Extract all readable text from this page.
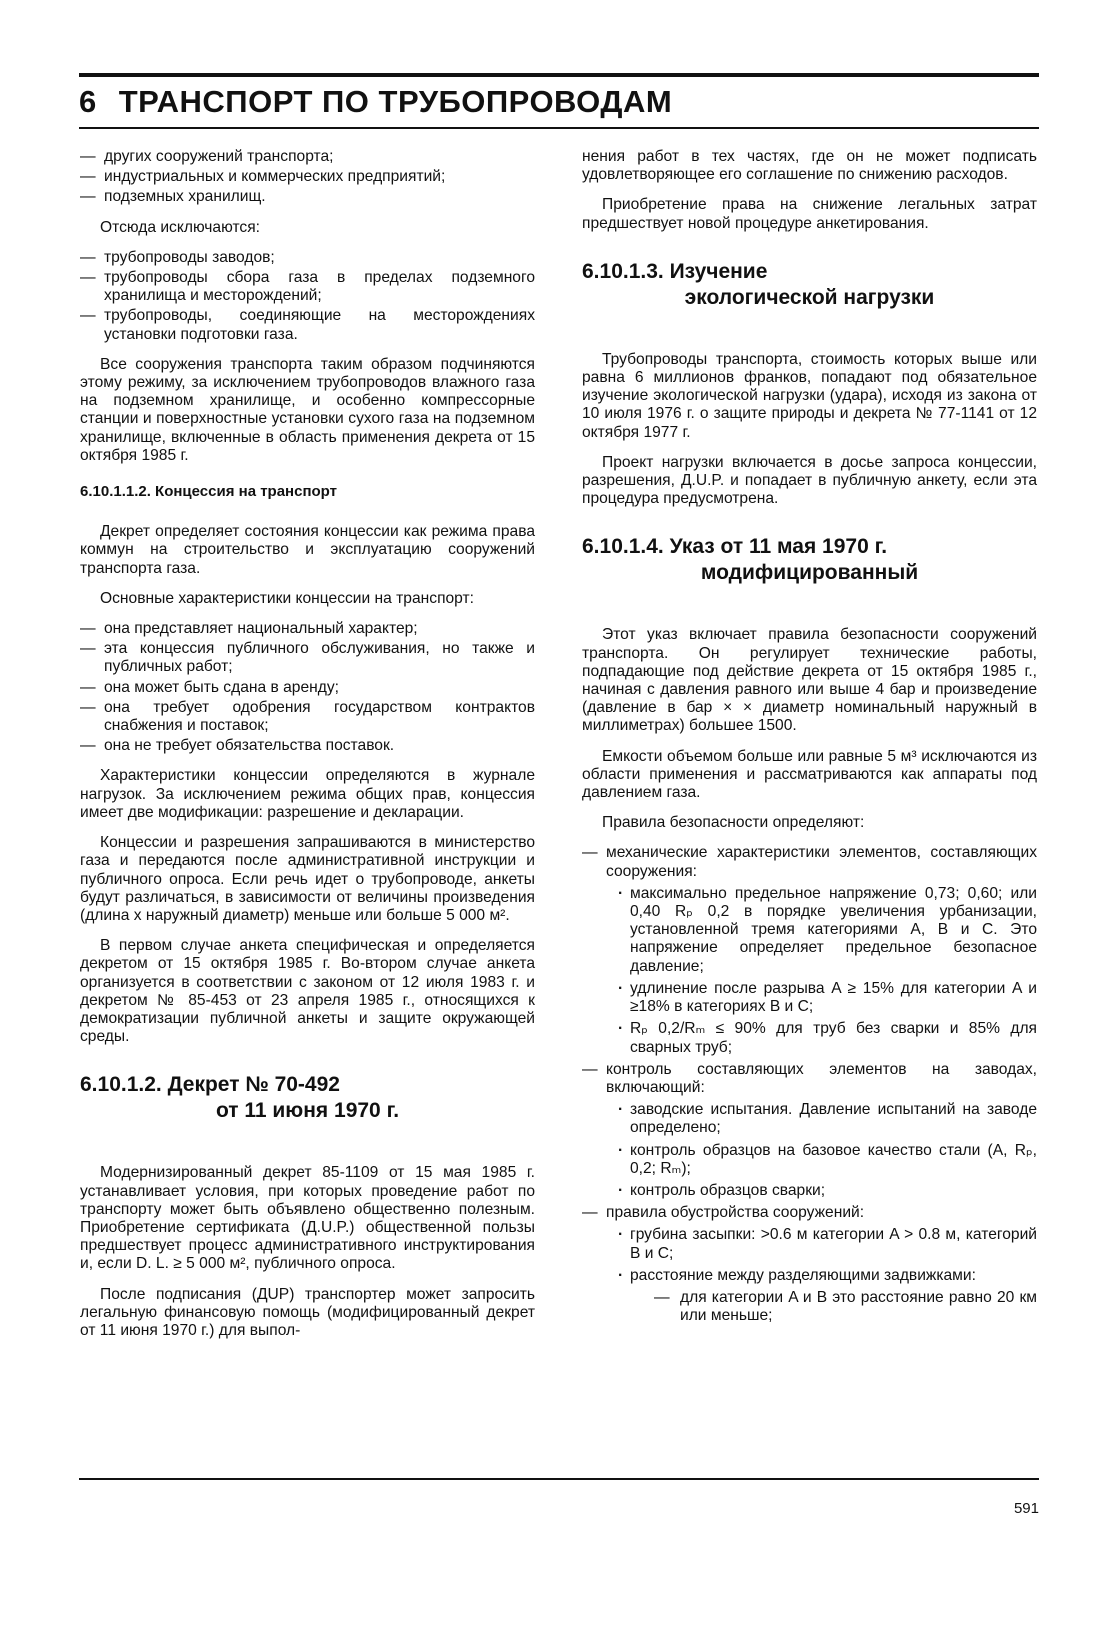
6 ТРАНСПОРТ ПО ТРУБОПРОВОДАМ
— других сооружений транспорта;
— индустриальных и коммерческих предприятий;
— подземных хранилищ.

Отсюда исключаются:

— трубопроводы заводов;
— трубопроводы сбора газа в пределах подземного хранилища и месторождений;
— трубопроводы, соединяющие на месторождениях установки подготовки газа.

Все сооружения транспорта таким образом подчиняются этому режиму, за исключением трубопроводов влажного газа на подземном хранилище, и особенно компрессорные станции и поверхностные установки сухого газа на подземном хранилище, включенные в область применения декрета от 15 октября 1985 г.

6.10.1.1.2. Концессия на транспорт

Декрет определяет состояния концессии как режима права коммун на строительство и эксплуатацию сооружений транспорта газа.

Основные характеристики концессии на транспорт:

— она представляет национальный характер;
— эта концессия публичного обслуживания, но также и публичных работ;
— она может быть сдана в аренду;
— она требует одобрения государством контрактов снабжения и поставок;
— она не требует обязательства поставок.

Характеристики концессии определяются в журнале нагрузок. За исключением режима общих прав, концессия имеет две модификации: разрешение и декларации.

Концессии и разрешения запрашиваются в министерство газа и передаются после административной инструкции и публичного опроса. Если речь идет о трубопроводе, анкеты будут различаться, в зависимости от величины произведения (длина x наружный диаметр) меньше или больше 5 000 м².

В первом случае анкета специфическая и определяется декретом от 15 октября 1985 г. Во-втором случае анкета организуется в соответствии с законом от 12 июля 1983 г. и декретом № 85-453 от 23 апреля 1985 г., относящихся к демократизации публичной анкеты и защите окружающей среды.

6.10.1.2. Декрет № 70-492
от 11 июня 1970 г.

Модернизированный декрет 85-1109 от 15 мая 1985 г. устанавливает условия, при которых проведение работ по транспорту может быть объявлено общественно полезным. Приобретение сертификата (Д.U.P.) общественной пользы предшествует процесс административного инструктирования и, если D. L. ≥ 5 000 м², публичного опроса.

После подписания (ДUP) транспортер может запросить легальную финансовую помощь (модифицированный декрет от 11 июня 1970 г.) для выпол-

нения работ в тех частях, где он не может подписать удовлетворяющее его соглашение по снижению расходов.

Приобретение права на снижение легальных затрат предшествует новой процедуре анкетирования.

6.10.1.3. Изучение
экологической нагрузки

Трубопроводы транспорта, стоимость которых выше или равна 6 миллионов франков, попадают под обязательное изучение экологической нагрузки (удара), исходя из закона от 10 июля 1976 г. о защите природы и декрета № 77-1141 от 12 октября 1977 г.

Проект нагрузки включается в досье запроса концессии, разрешения, Д.U.P. и попадает в публичную анкету, если эта процедура предусмотрена.

6.10.1.4. Указ от 11 мая 1970 г.
модифицированный

Этот указ включает правила безопасности сооружений транспорта. Он регулирует технические работы, подпадающие под действие декрета от 15 октября 1985 г., начиная с давления равного или выше 4 бар и произведение (давление в бар × × диаметр номинальный наружный в миллиметрах) большее 1500.

Емкости объемом больше или равные 5 м³ исключаются из области применения и рассматриваются как аппараты под давлением газа.

Правила безопасности определяют:

— механические характеристики элементов, составляющих сооружения:
· максимально предельное напряжение 0,73; 0,60; или 0,40 Rₚ 0,2 в порядке увеличения урбанизации, установленной тремя категориями A, B и C. Это напряжение определяет предельное безопасное давление;
· удлинение после разрыва A ≥ 15% для категории A и ≥18% в категориях B и C;
· Rₚ 0,2/Rₘ ≤ 90% для труб без сварки и 85% для сварных труб;
— контроль составляющих элементов на заводах, включающий:
· заводские испытания. Давление испытаний на заводе определено;
· контроль образцов на базовое качество стали (A, Rₚ, 0,2; Rₘ);
· контроль образцов сварки;
— правила обустройства сооружений:
· грубина засыпки: >0.6 м категории A > 0.8 м, категорий B и C;
· расстояние между разделяющими задвижками:
— для категории A и B это расстояние равно 20 км или меньше;
591
